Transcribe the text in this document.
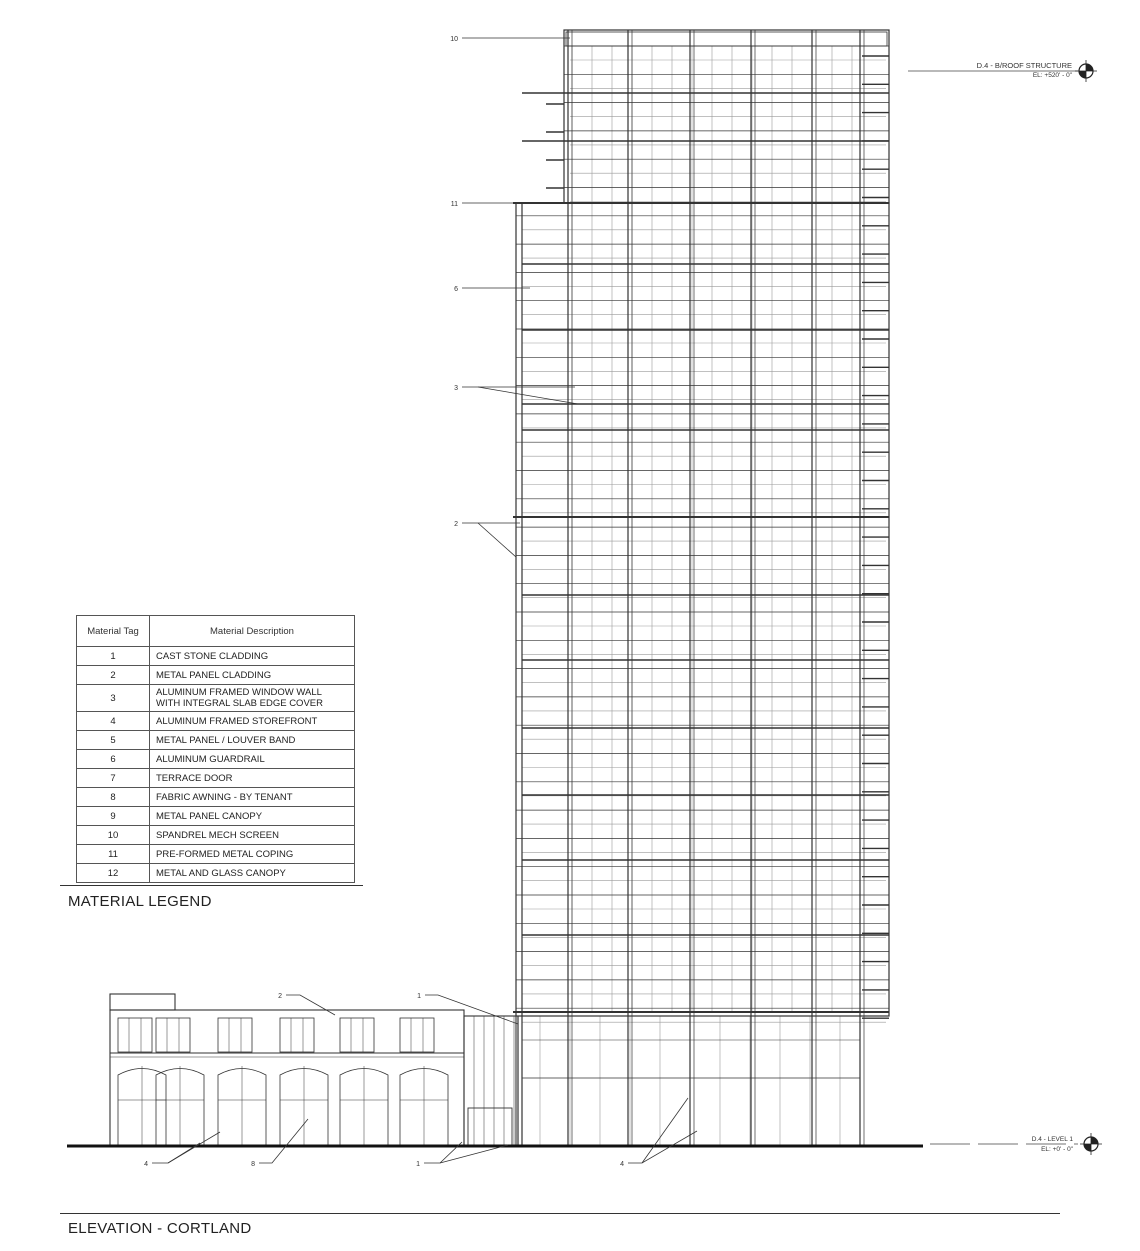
D.4 - B/ROOF STRUCTURE
EL: +520' - 0"
D.4 - LEVEL 1
EL: +0' - 0"
10
11
6
3
2
2	1
4	8	1	4
Material Tag	Material Description
1	CAST STONE CLADDING
2	METAL PANEL CLADDING
3	ALUMINUM FRAMED WINDOW WALL WITH INTEGRAL SLAB EDGE COVER
4	ALUMINUM FRAMED STOREFRONT
5	METAL PANEL / LOUVER BAND
6	ALUMINUM GUARDRAIL
7	TERRACE DOOR
8	FABRIC AWNING - BY TENANT
9	METAL PANEL CANOPY
10	SPANDREL MECH SCREEN
11	PRE-FORMED METAL COPING
12	METAL AND GLASS CANOPY
MATERIAL LEGEND
ELEVATION - CORTLAND
